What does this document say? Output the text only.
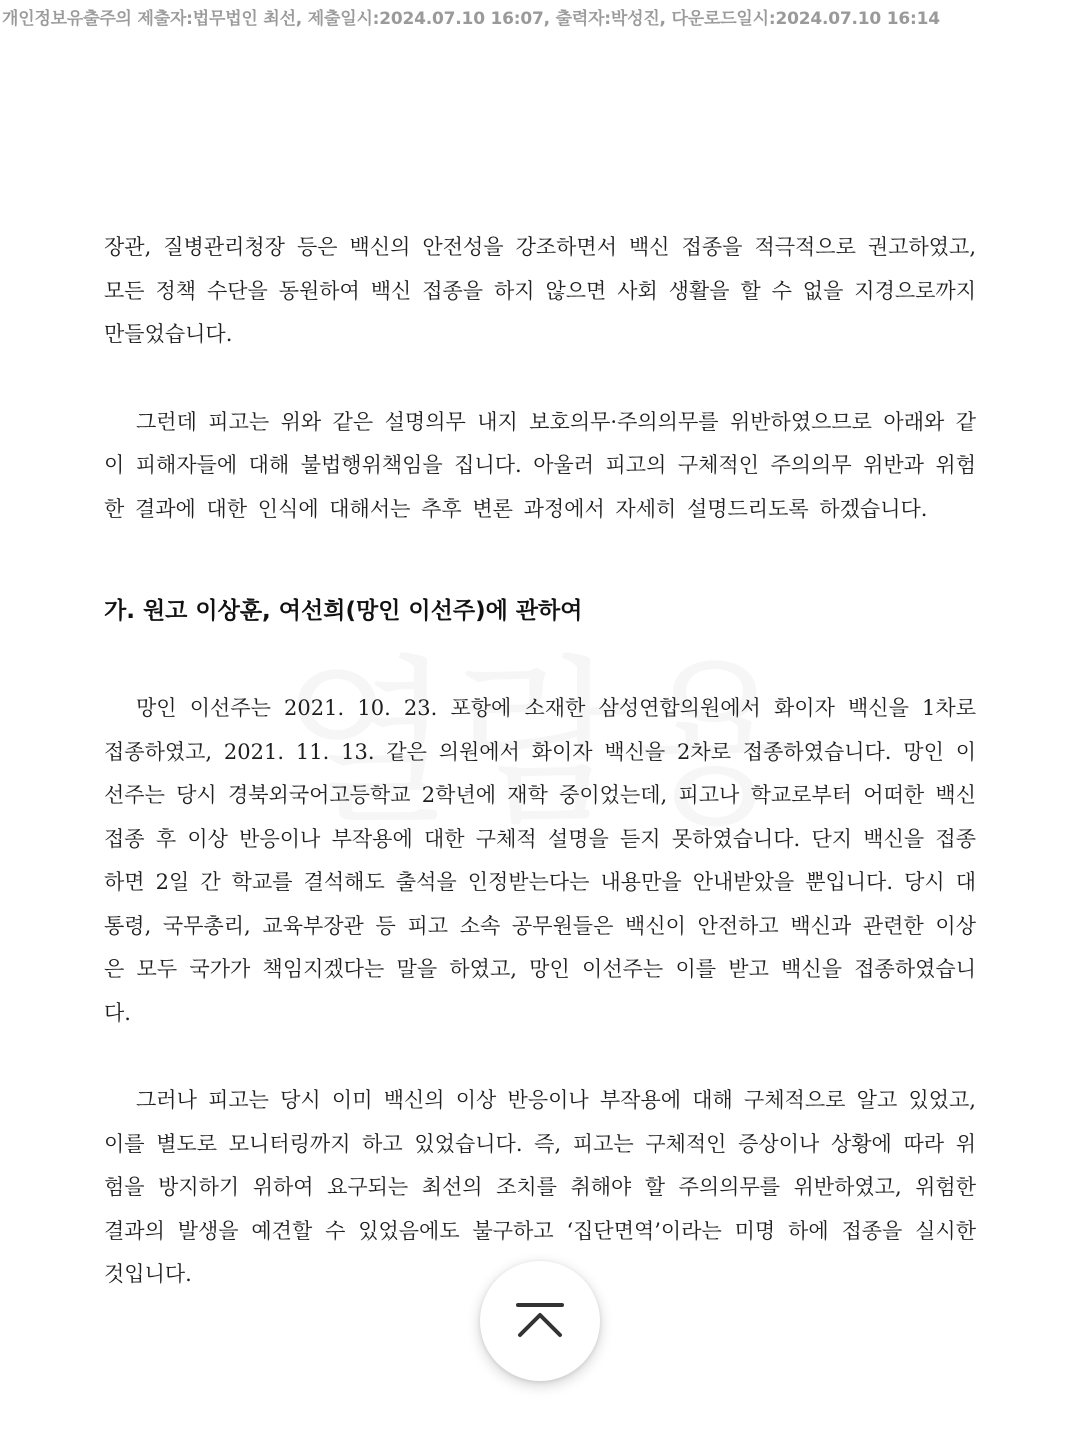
개인정보유출주의 제출자:법무법인 최선, 제출일시:2024.07.10 16:07, 출력자:박성진, 다운로드일시:2024.07.10 16:14

장관, 질병관리청장 등은 백신의 안전성을 강조하면서 백신 접종을 적극적으로 권고하였고, 모든 정책 수단을 동원하여 백신 접종을 하지 않으면 사회 생활을 할 수 없을 지경으로까지 만들었습니다.

그런데 피고는 위와 같은 설명의무 내지 보호의무·주의의무를 위반하였으므로 아래와 같이 피해자들에 대해 불법행위책임을 집니다. 아울러 피고의 구체적인 주의의무 위반과 위험한 결과에 대한 인식에 대해서는 추후 변론 과정에서 자세히 설명드리도록 하겠습니다.

가. 원고 이상훈, 여선희(망인 이선주)에 관하여

망인 이선주는 2021. 10. 23. 포항에 소재한 삼성연합의원에서 화이자 백신을 1차로 접종하였고, 2021. 11. 13. 같은 의원에서 화이자 백신을 2차로 접종하였습니다. 망인 이선주는 당시 경북외국어고등학교 2학년에 재학 중이었는데, 피고나 학교로부터 어떠한 백신 접종 후 이상 반응이나 부작용에 대한 구체적 설명을 듣지 못하였습니다. 단지 백신을 접종하면 2일 간 학교를 결석해도 출석을 인정받는다는 내용만을 안내받았을 뿐입니다. 당시 대통령, 국무총리, 교육부장관 등 피고 소속 공무원들은 백신이 안전하고 백신과 관련한 이상은 모두 국가가 책임지겠다는 말을 하였고, 망인 이선주는 이를 받고 백신을 접종하였습니다.

그러나 피고는 당시 이미 백신의 이상 반응이나 부작용에 대해 구체적으로 알고 있었고, 이를 별도로 모니터링까지 하고 있었습니다. 즉, 피고는 구체적인 증상이나 상황에 따라 위험을 방지하기 위하여 요구되는 최선의 조치를 취해야 할 주의의무를 위반하였고, 위험한 결과의 발생을 예견할 수 있었음에도 불구하고 ‘집단면역’이라는 미명 하에 접종을 실시한 것입니다.
